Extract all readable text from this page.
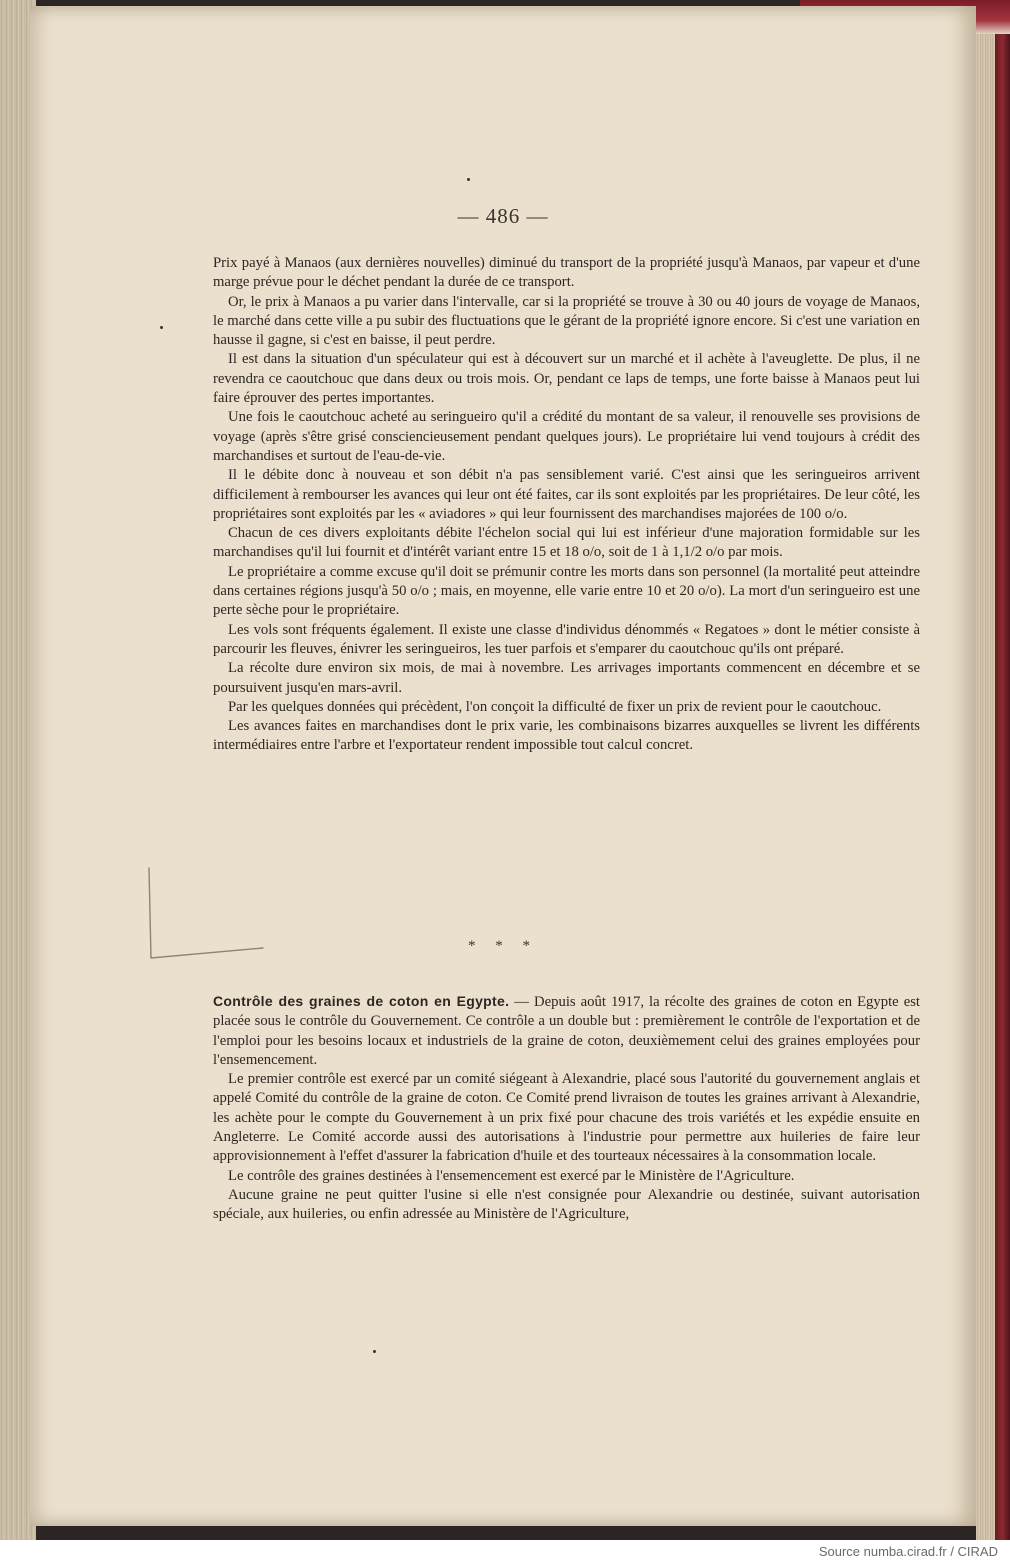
— 486 —

Prix payé à Manaos (aux dernières nouvelles) diminué du transport de la propriété jusqu'à Manaos, par vapeur et d'une marge prévue pour le déchet pendant la durée de ce transport.

Or, le prix à Manaos a pu varier dans l'intervalle, car si la propriété se trouve à 30 ou 40 jours de voyage de Manaos, le marché dans cette ville a pu subir des fluctuations que le gérant de la propriété ignore encore. Si c'est une variation en hausse il gagne, si c'est en baisse, il peut perdre.

Il est dans la situation d'un spéculateur qui est à découvert sur un marché et il achète à l'aveuglette. De plus, il ne revendra ce caoutchouc que dans deux ou trois mois. Or, pendant ce laps de temps, une forte baisse à Manaos peut lui faire éprouver des pertes importantes.

Une fois le caoutchouc acheté au seringueiro qu'il a crédité du montant de sa valeur, il renouvelle ses provisions de voyage (après s'être grisé consciencieusement pendant quelques jours). Le propriétaire lui vend toujours à crédit des marchandises et surtout de l'eau-de-vie.

Il le débite donc à nouveau et son débit n'a pas sensiblement varié. C'est ainsi que les seringueiros arrivent difficilement à rembourser les avances qui leur ont été faites, car ils sont exploités par les propriétaires. De leur côté, les propriétaires sont exploités par les « aviadores » qui leur fournissent des marchandises majorées de 100 o/o.

Chacun de ces divers exploitants débite l'échelon social qui lui est inférieur d'une majoration formidable sur les marchandises qu'il lui fournit et d'intérêt variant entre 15 et 18 o/o, soit de 1 à 1,1/2 o/o par mois.

Le propriétaire a comme excuse qu'il doit se prémunir contre les morts dans son personnel (la mortalité peut atteindre dans certaines régions jusqu'à 50 o/o ; mais, en moyenne, elle varie entre 10 et 20 o/o). La mort d'un seringueiro est une perte sèche pour le propriétaire.

Les vols sont fréquents également. Il existe une classe d'individus dénommés « Regatoes » dont le métier consiste à parcourir les fleuves, énivrer les seringueiros, les tuer parfois et s'emparer du caoutchouc qu'ils ont préparé.

La récolte dure environ six mois, de mai à novembre. Les arrivages importants commencent en décembre et se poursuivent jusqu'en mars-avril.

Par les quelques données qui précèdent, l'on conçoit la difficulté de fixer un prix de revient pour le caoutchouc.

Les avances faites en marchandises dont le prix varie, les combinaisons bizarres auxquelles se livrent les différents intermédiaires entre l'arbre et l'exportateur rendent impossible tout calcul concret.

* * *

Contrôle des graines de coton en Egypte. — Depuis août 1917, la récolte des graines de coton en Egypte est placée sous le contrôle du Gouvernement. Ce contrôle a un double but : premièrement le contrôle de l'exportation et de l'emploi pour les besoins locaux et industriels de la graine de coton, deuxièmement celui des graines employées pour l'ensemencement.

Le premier contrôle est exercé par un comité siégeant à Alexandrie, placé sous l'autorité du gouvernement anglais et appelé Comité du contrôle de la graine de coton. Ce Comité prend livraison de toutes les graines arrivant à Alexandrie, les achète pour le compte du Gouvernement à un prix fixé pour chacune des trois variétés et les expédie ensuite en Angleterre. Le Comité accorde aussi des autorisations à l'industrie pour permettre aux huileries de faire leur approvisionnement à l'effet d'assurer la fabrication d'huile et des tourteaux nécessaires à la consommation locale.

Le contrôle des graines destinées à l'ensemencement est exercé par le Ministère de l'Agriculture.

Aucune graine ne peut quitter l'usine si elle n'est consignée pour Alexandrie ou destinée, suivant autorisation spéciale, aux huileries, ou enfin adressée au Ministère de l'Agriculture,

Source numba.cirad.fr / CIRAD
